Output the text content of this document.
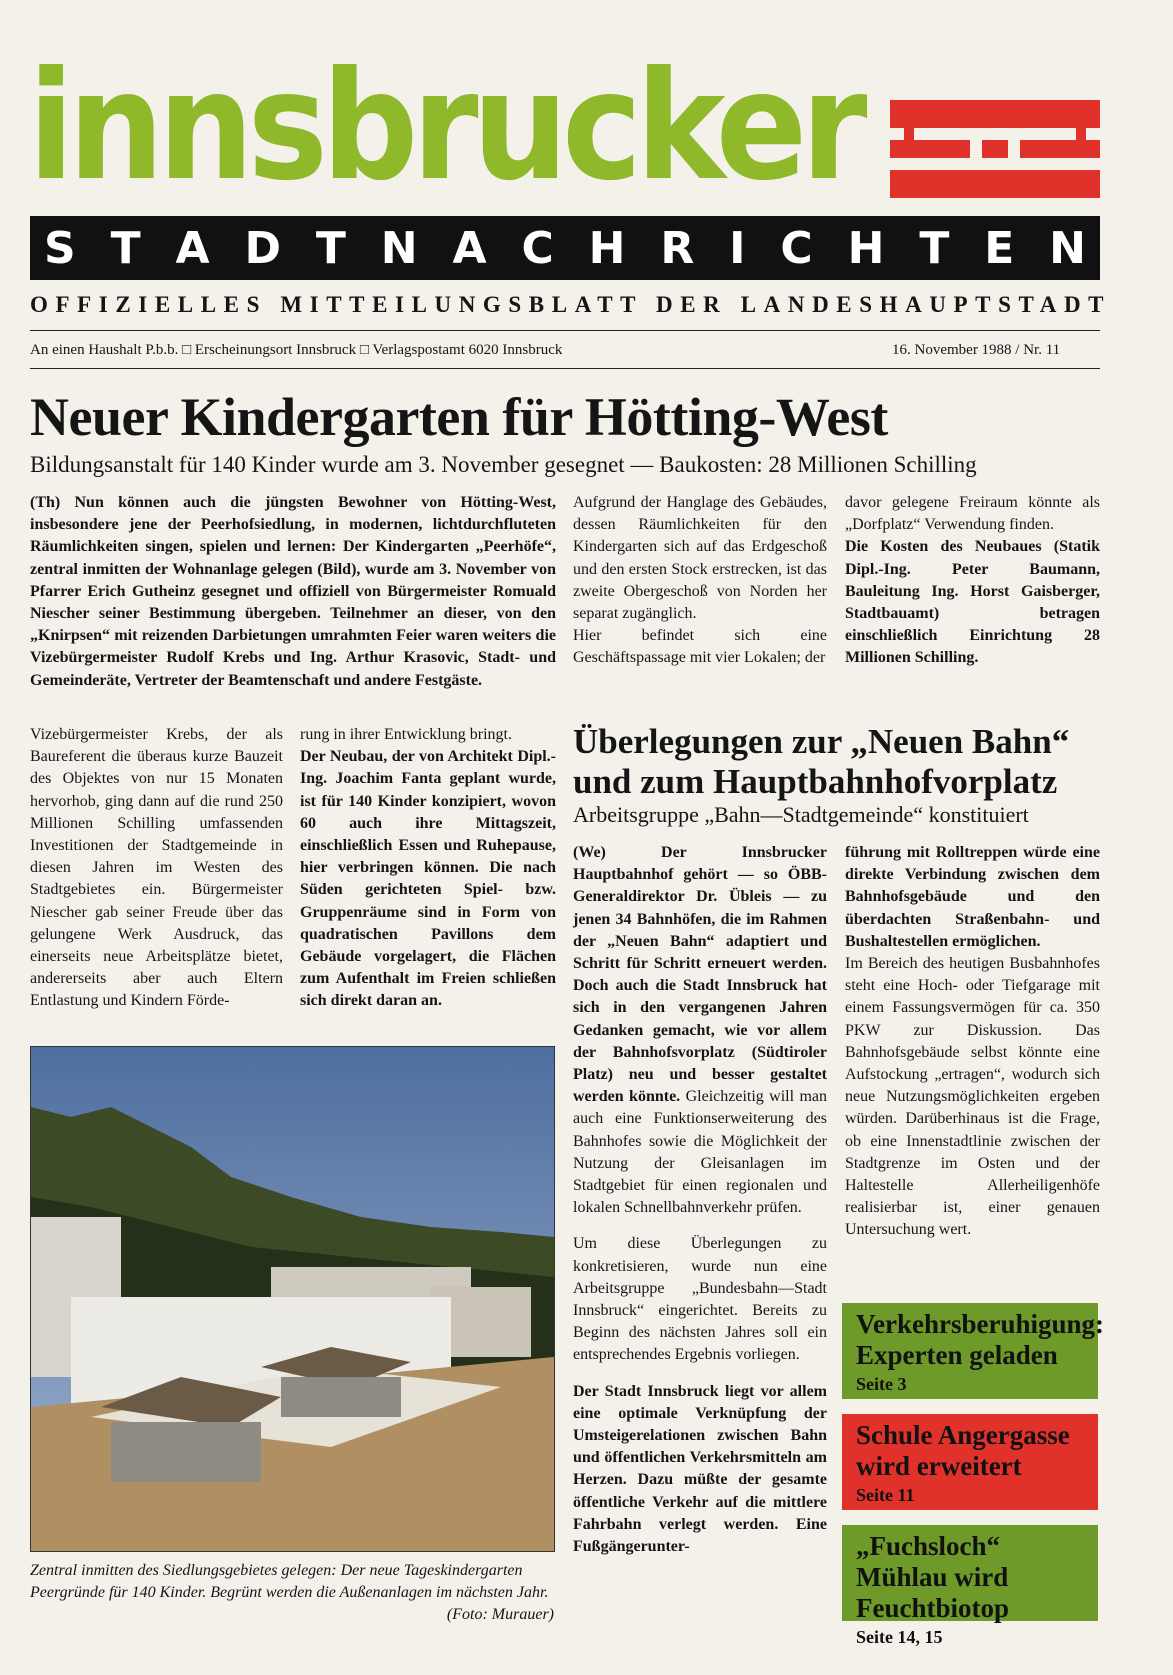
innsbrucker
S T A D T N A C H R I C H T E N
OFFIZIELLES MITTEILUNGSBLATT DER LANDESHAUPTSTADT
An einen Haushalt P.b.b. □ Erscheinungsort Innsbruck □ Verlagspostamt 6020 Innsbruck	16. November 1988 / Nr. 11
Neuer Kindergarten für Hötting-West
Bildungsanstalt für 140 Kinder wurde am 3. November gesegnet — Baukosten: 28 Millionen Schilling
(Th) Nun können auch die jüngsten Bewohner von Hötting-West, insbesondere jene der Peerhofsiedlung, in modernen, lichtdurchfluteten Räumlichkeiten singen, spielen und lernen: Der Kindergarten „Peerhöfe“, zentral inmitten der Wohnanlage gelegen (Bild), wurde am 3. November von Pfarrer Erich Gutheinz gesegnet und offiziell von Bürgermeister Romuald Niescher seiner Bestimmung übergeben. Teilnehmer an dieser, von den „Knirpsen“ mit reizenden Darbietungen umrahmten Feier waren weiters die Vizebürgermeister Rudolf Krebs und Ing. Arthur Krasovic, Stadt- und Gemeinderäte, Vertreter der Beamtenschaft und andere Festgäste.
Vizebürgermeister Krebs, der als Baureferent die überaus kurze Bauzeit des Objektes von nur 15 Monaten hervorhob, ging dann auf die rund 250 Millionen Schilling umfassenden Investitionen der Stadtgemeinde in diesen Jahren im Westen des Stadtgebietes ein. Bürgermeister Niescher gab seiner Freude über das gelungene Werk Ausdruck, das einerseits neue Arbeitsplätze bietet, andererseits aber auch Eltern Entlastung und Kindern Förde-

rung in ihrer Entwicklung bringt.

Der Neubau, der von Architekt Dipl.-Ing. Joachim Fanta geplant wurde, ist für 140 Kinder konzipiert, wovon 60 auch ihre Mittagszeit, einschließlich Essen und Ruhepause, hier verbringen können. Die nach Süden gerichteten Spiel- bzw. Gruppenräume sind in Form von quadratischen Pavillons dem Gebäude vorgelagert, die Flächen zum Aufenthalt im Freien schließen sich direkt daran an.

Aufgrund der Hanglage des Gebäudes, dessen Räumlichkeiten für den Kindergarten sich auf das Erdgeschoß und den ersten Stock erstrecken, ist das zweite Obergeschoß von Norden her separat zugänglich.

Hier befindet sich eine Geschäftspassage mit vier Lokalen; der

davor gelegene Freiraum könnte als „Dorfplatz“ Verwendung finden.

Die Kosten des Neubaues (Statik Dipl.-Ing. Peter Baumann, Bauleitung Ing. Horst Gaisberger, Stadtbauamt) betragen einschließlich Einrichtung 28 Millionen Schilling.

Zentral inmitten des Siedlungsgebietes gelegen: Der neue Tageskindergarten Peergründe für 140 Kinder. Begrünt werden die Außenanlagen im nächsten Jahr.
(Foto: Murauer)
Überlegungen zur „Neuen Bahn“ und zum Hauptbahnhofvorplatz
Arbeitsgruppe „Bahn—Stadtgemeinde“ konstituiert

(We) Der Innsbrucker Hauptbahnhof gehört — so ÖBB-Generaldirektor Dr. Übleis — zu jenen 34 Bahnhöfen, die im Rahmen der „Neuen Bahn“ adaptiert und Schritt für Schritt erneuert werden. Doch auch die Stadt Innsbruck hat sich in den vergangenen Jahren Gedanken gemacht, wie vor allem der Bahnhofsvorplatz (Südtiroler Platz) neu und besser gestaltet werden könnte. Gleichzeitig will man auch eine Funktionserweiterung des Bahnhofes sowie die Möglichkeit der Nutzung der Gleisanlagen im Stadtgebiet für einen regionalen und lokalen Schnellbahnverkehr prüfen.

Um diese Überlegungen zu konkretisieren, wurde nun eine Arbeitsgruppe „Bundesbahn—Stadt Innsbruck“ eingerichtet. Bereits zu Beginn des nächsten Jahres soll ein entsprechendes Ergebnis vorliegen.

Der Stadt Innsbruck liegt vor allem eine optimale Verknüpfung der Umsteigerelationen zwischen Bahn und öffentlichen Verkehrsmitteln am Herzen. Dazu müßte der gesamte öffentliche Verkehr auf die mittlere Fahrbahn verlegt werden. Eine Fußgängerunter-

führung mit Rolltreppen würde eine direkte Verbindung zwischen dem Bahnhofsgebäude und den überdachten Straßenbahn- und Bushaltestellen ermöglichen.

Im Bereich des heutigen Busbahnhofes steht eine Hoch- oder Tiefgarage mit einem Fassungsvermögen für ca. 350 PKW zur Diskussion. Das Bahnhofsgebäude selbst könnte eine Aufstockung „ertragen“, wodurch sich neue Nutzungsmöglichkeiten ergeben würden. Darüberhinaus ist die Frage, ob eine Innenstadtlinie zwischen der Stadtgrenze im Osten und der Haltestelle Allerheiligenhöfe realisierbar ist, einer genauen Untersuchung wert.

Verkehrsberuhigung: Experten geladen
Seite 3
Schule Angergasse wird erweitert
Seite 11
„Fuchsloch“ Mühlau wird Feuchtbiotop
Seite 14, 15
